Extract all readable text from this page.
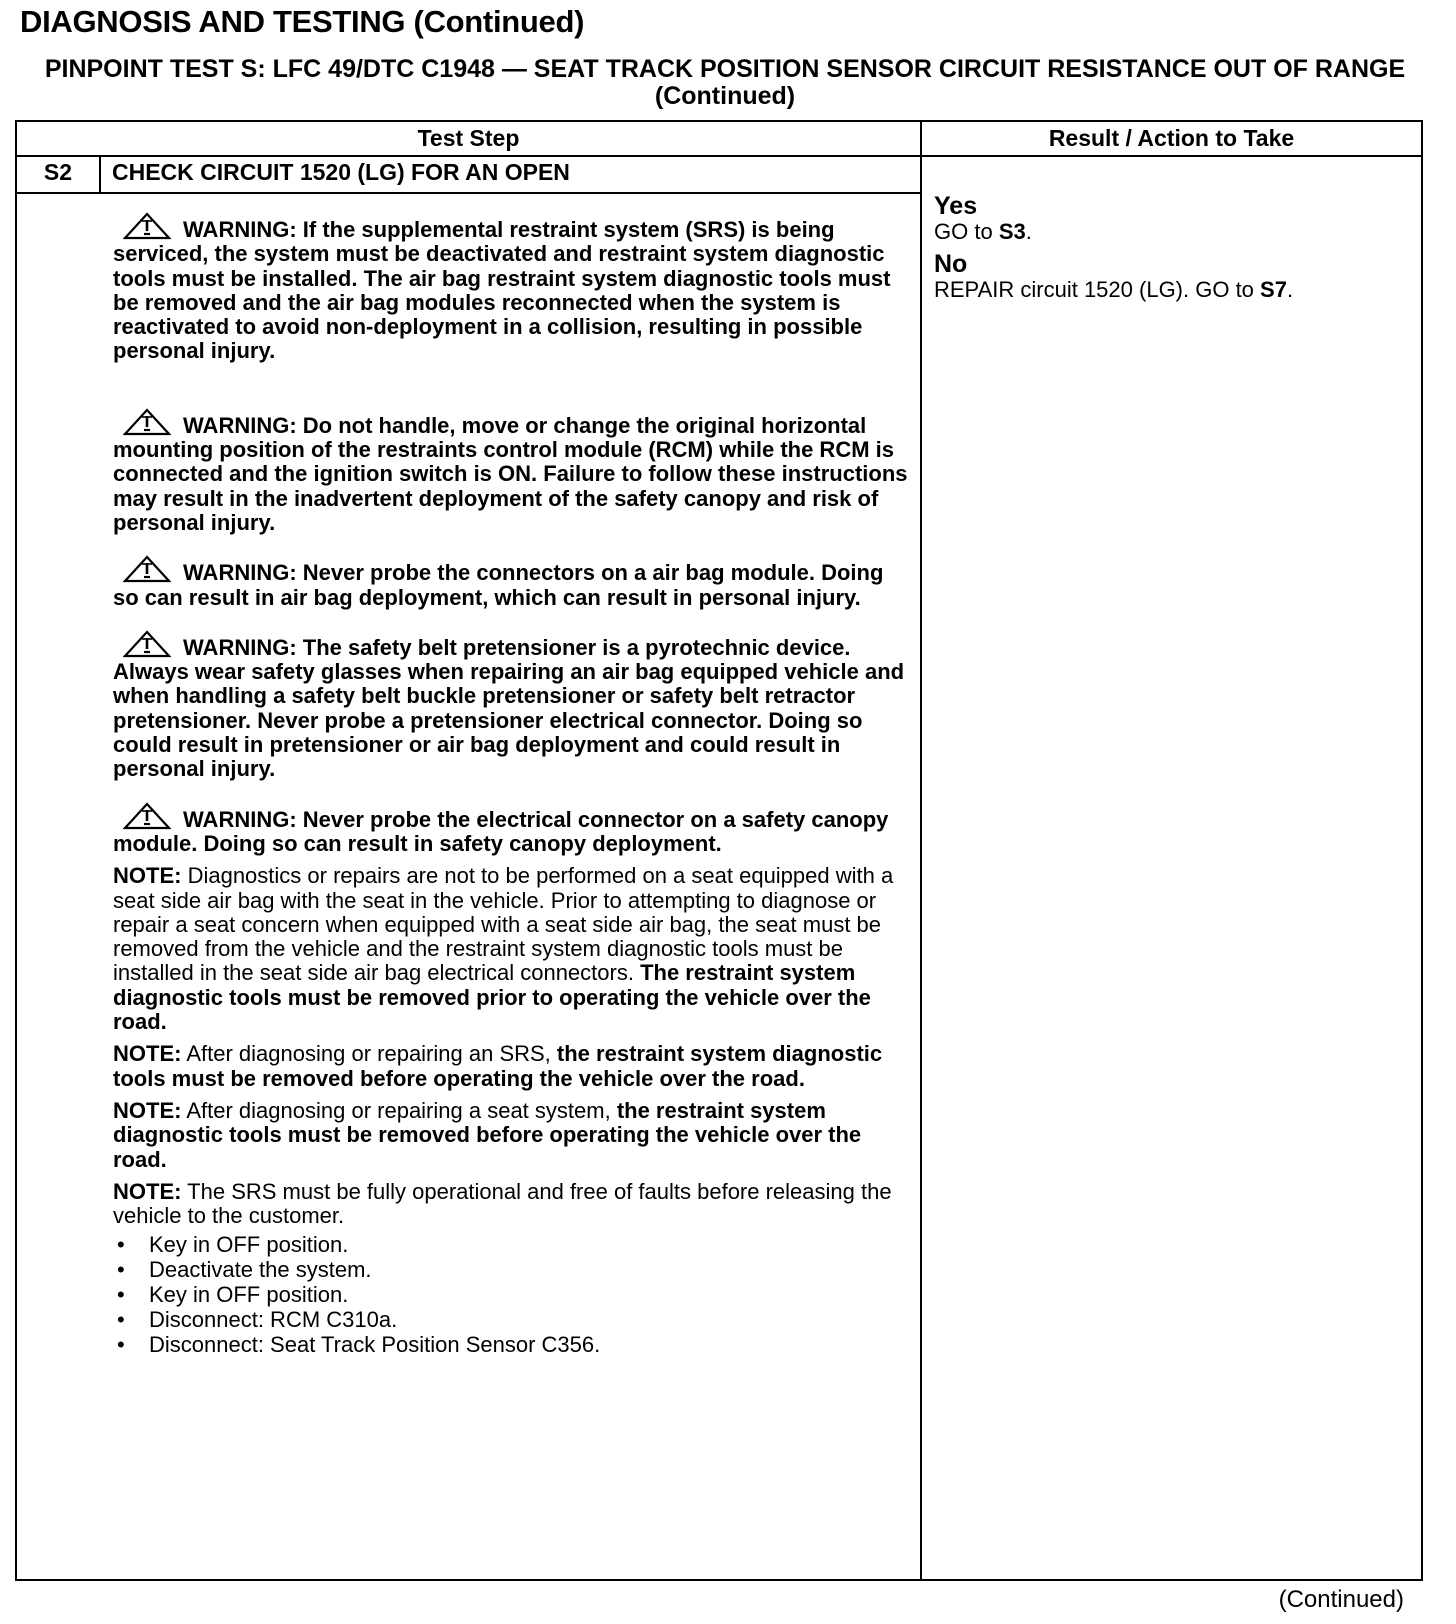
DIAGNOSIS AND TESTING (Continued)
PINPOINT TEST S: LFC 49/DTC C1948 — SEAT TRACK POSITION SENSOR CIRCUIT RESISTANCE OUT OF RANGE (Continued)
Test Step	Result / Action to Take
S2	CHECK CIRCUIT 1520 (LG) FOR AN OPEN

WARNING: If the supplemental restraint system (SRS) is being serviced, the system must be deactivated and restraint system diagnostic tools must be installed. The air bag restraint system diagnostic tools must be removed and the air bag modules reconnected when the system is reactivated to avoid non-deployment in a collision, resulting in possible personal injury.

WARNING: Do not handle, move or change the original horizontal mounting position of the restraints control module (RCM) while the RCM is connected and the ignition switch is ON. Failure to follow these instructions may result in the inadvertent deployment of the safety canopy and risk of personal injury.

WARNING: Never probe the connectors on a air bag module. Doing so can result in air bag deployment, which can result in personal injury.

WARNING: The safety belt pretensioner is a pyrotechnic device. Always wear safety glasses when repairing an air bag equipped vehicle and when handling a safety belt buckle pretensioner or safety belt retractor pretensioner. Never probe a pretensioner electrical connector. Doing so could result in pretensioner or air bag deployment and could result in personal injury.

WARNING: Never probe the electrical connector on a safety canopy module. Doing so can result in safety canopy deployment.

NOTE: Diagnostics or repairs are not to be performed on a seat equipped with a seat side air bag with the seat in the vehicle. Prior to attempting to diagnose or repair a seat concern when equipped with a seat side air bag, the seat must be removed from the vehicle and the restraint system diagnostic tools must be installed in the seat side air bag electrical connectors. The restraint system diagnostic tools must be removed prior to operating the vehicle over the road.

NOTE: After diagnosing or repairing an SRS, the restraint system diagnostic tools must be removed before operating the vehicle over the road.

NOTE: After diagnosing or repairing a seat system, the restraint system diagnostic tools must be removed before operating the vehicle over the road.

NOTE: The SRS must be fully operational and free of faults before releasing the vehicle to the customer.

• Key in OFF position.
• Deactivate the system.
• Key in OFF position.
• Disconnect: RCM C310a.
• Disconnect: Seat Track Position Sensor C356.
Yes
GO to S3.
No
REPAIR circuit 1520 (LG). GO to S7.
(Continued)
